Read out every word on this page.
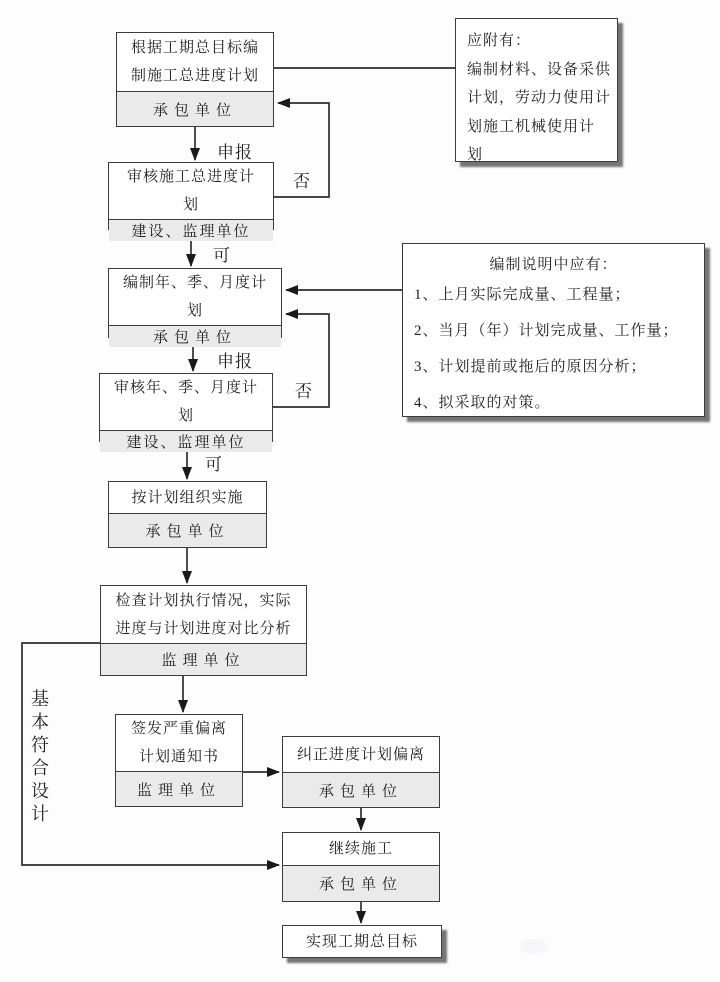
根据工期总目标编制施工总进度计划
承包单位
审核施工总进度计划
建设、监理单位
编制年、季、月度计划
承包单位
审核年、季、月度计划
建设、监理单位
按计划组织实施
承包单位
检查计划执行情况，实际进度与计划进度对比分析
监理单位
签发严重偏离计划通知书
监理单位
纠正进度计划偏离
承包单位
继续施工
承包单位
实现工期总目标
应附有：
编制材料、设备采供
计划，劳动力使用计
划施工机械使用计
划
编制说明中应有：
1、上月实际完成量、工程量；
2、当月（年）计划完成量、工作量；
3、计划提前或拖后的原因分析；
4、拟采取的对策。
申报
否
可
申报
否
可
基本符合设计
